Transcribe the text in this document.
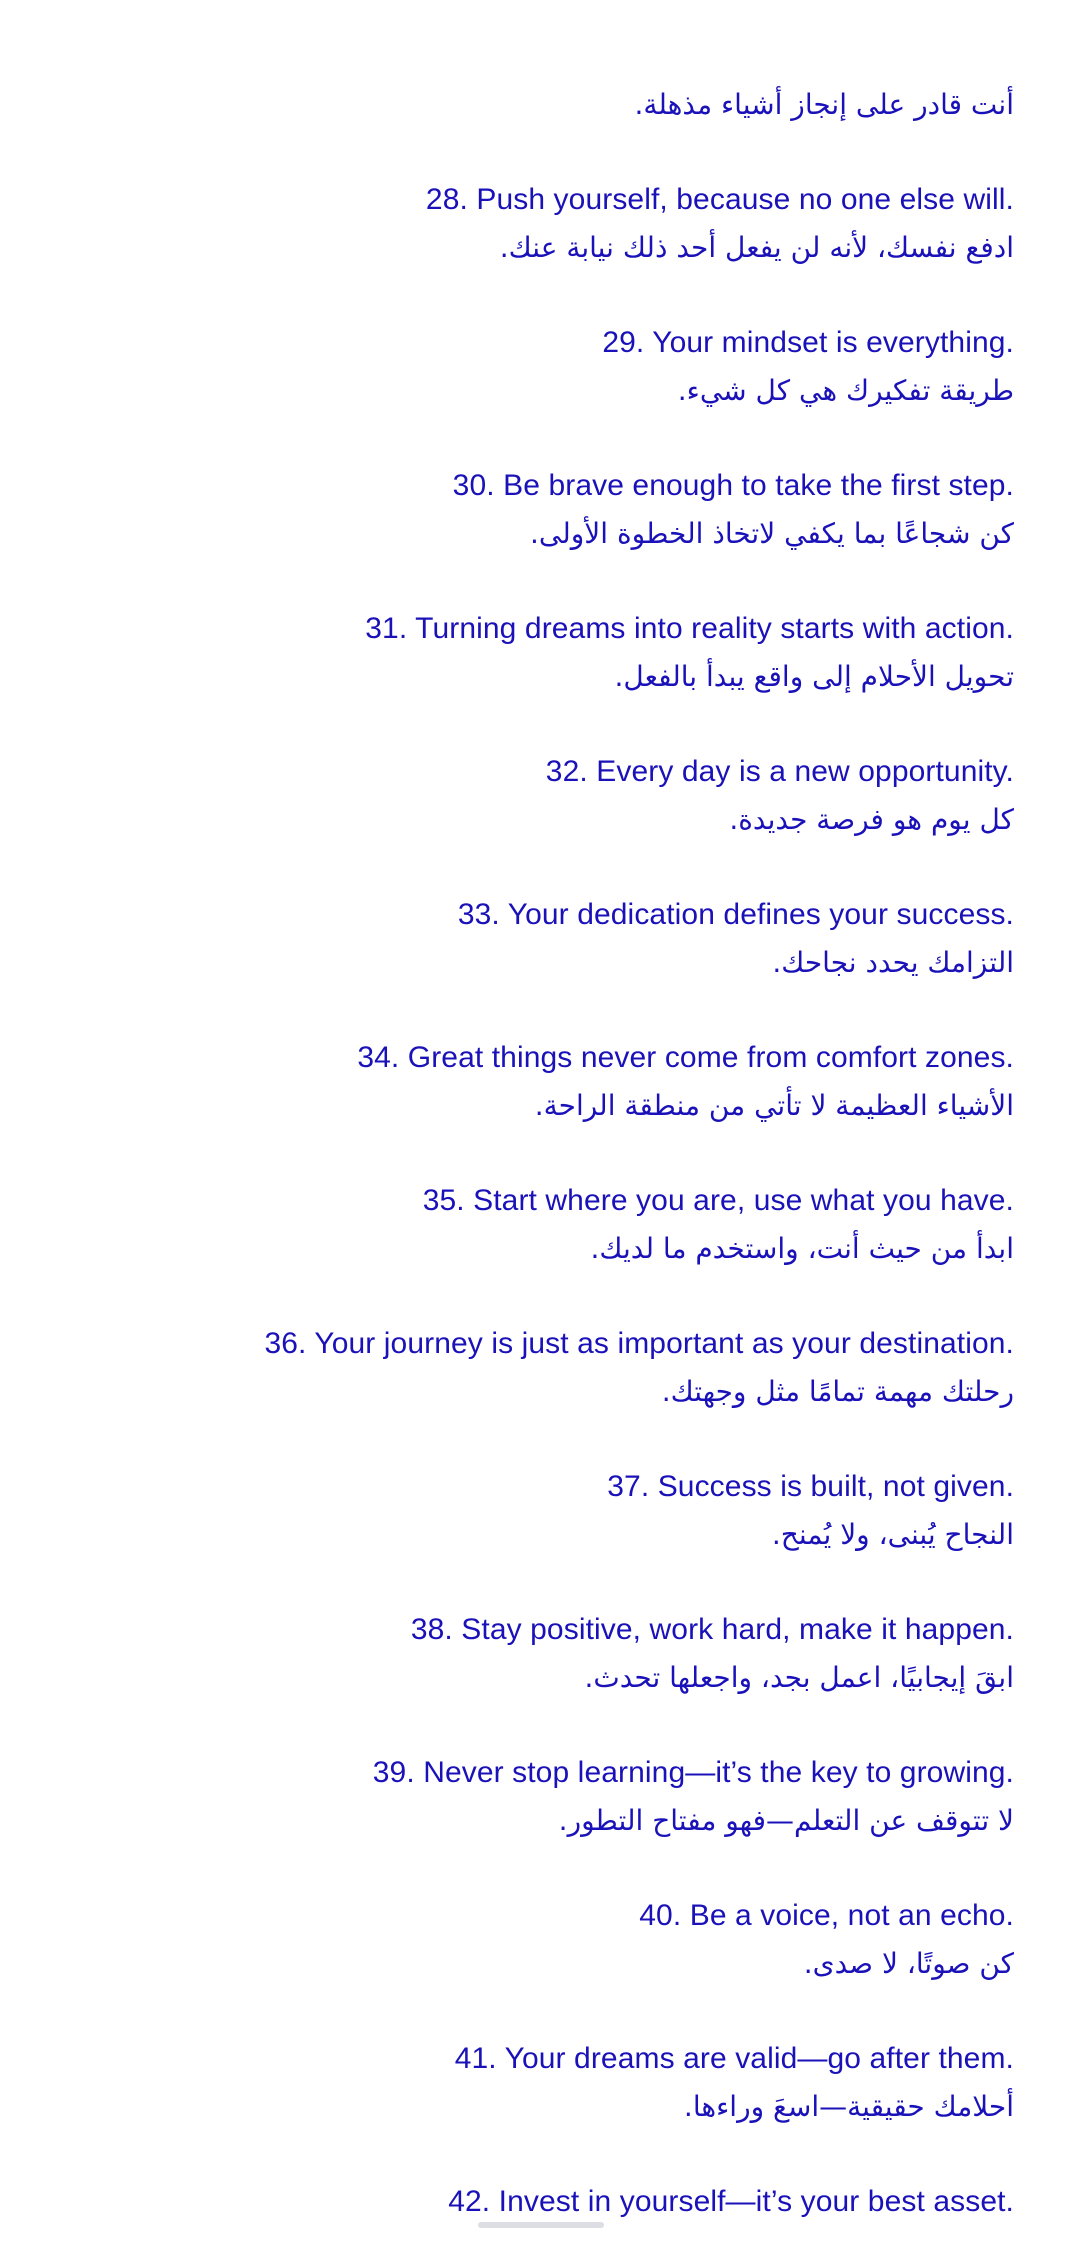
أنت قادر على إنجاز أشياء مذهلة.
28. Push yourself, because no one else will.
ادفع نفسك، لأنه لن يفعل أحد ذلك نيابة عنك.
29. Your mindset is everything.
طريقة تفكيرك هي كل شيء.
30. Be brave enough to take the first step.
كن شجاعًا بما يكفي لاتخاذ الخطوة الأولى.
31. Turning dreams into reality starts with action.
تحويل الأحلام إلى واقع يبدأ بالفعل.
32. Every day is a new opportunity.
كل يوم هو فرصة جديدة.
33. Your dedication defines your success.
التزامك يحدد نجاحك.
34. Great things never come from comfort zones.
الأشياء العظيمة لا تأتي من منطقة الراحة.
35. Start where you are, use what you have.
ابدأ من حيث أنت، واستخدم ما لديك.
36. Your journey is just as important as your destination.
رحلتك مهمة تمامًا مثل وجهتك.
37. Success is built, not given.
النجاح يُبنى، ولا يُمنح.
38. Stay positive, work hard, make it happen.
ابقَ إيجابيًا، اعمل بجد، واجعلها تحدث.
39. Never stop learning—it’s the key to growing.
لا تتوقف عن التعلم—فهو مفتاح التطور.
40. Be a voice, not an echo.
كن صوتًا، لا صدى.
41. Your dreams are valid—go after them.
أحلامك حقيقية—اسعَ وراءها.
42. Invest in yourself—it’s your best asset.
